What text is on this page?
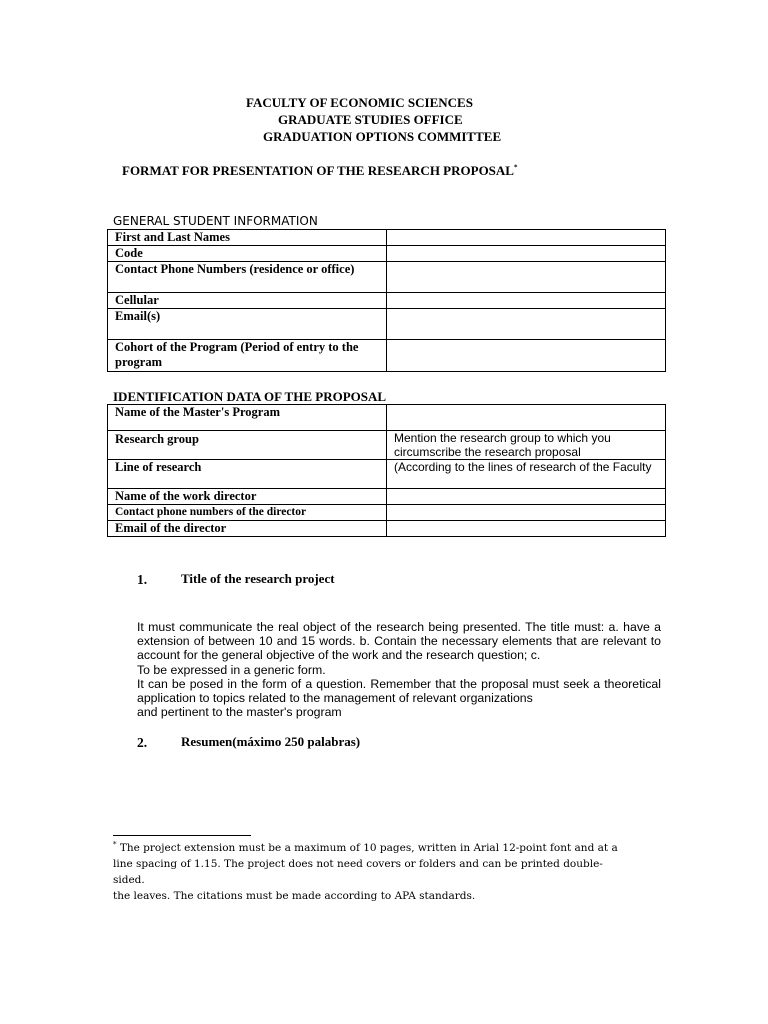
FACULTY OF ECONOMIC SCIENCES
GRADUATE STUDIES OFFICE
GRADUATION OPTIONS COMMITTEE
FORMAT FOR PRESENTATION OF THE RESEARCH PROPOSAL*
GENERAL STUDENT INFORMATION
First and Last Names	
Code	
Contact Phone Numbers (residence or office)	
Cellular	
Email(s)	
Cohort of the Program (Period of entry to the program	
IDENTIFICATION DATA OF THE PROPOSAL
Name of the Master's Program	
Research group	Mention the research group to which you circumscribe the research proposal
Line of research	(According to the lines of research of the Faculty
Name of the work director	
Contact phone numbers of the director	
Email of the director	
1.	Title of the research project

It must communicate the real object of the research being presented. The title must: a. have a extension of between 10 and 15 words. b. Contain the necessary elements that are relevant to account for the general objective of the work and the research question; c.

To be expressed in a generic form.

It can be posed in the form of a question. Remember that the proposal must seek a theoretical application to topics related to the management of relevant organizations

and pertinent to the master's program

2.	Resumen(máximo 250 palabras)
* The project extension must be a maximum of 10 pages, written in Arial 12-point font and at a
line spacing of 1.15. The project does not need covers or folders and can be printed double-sided.
the leaves. The citations must be made according to APA standards.
